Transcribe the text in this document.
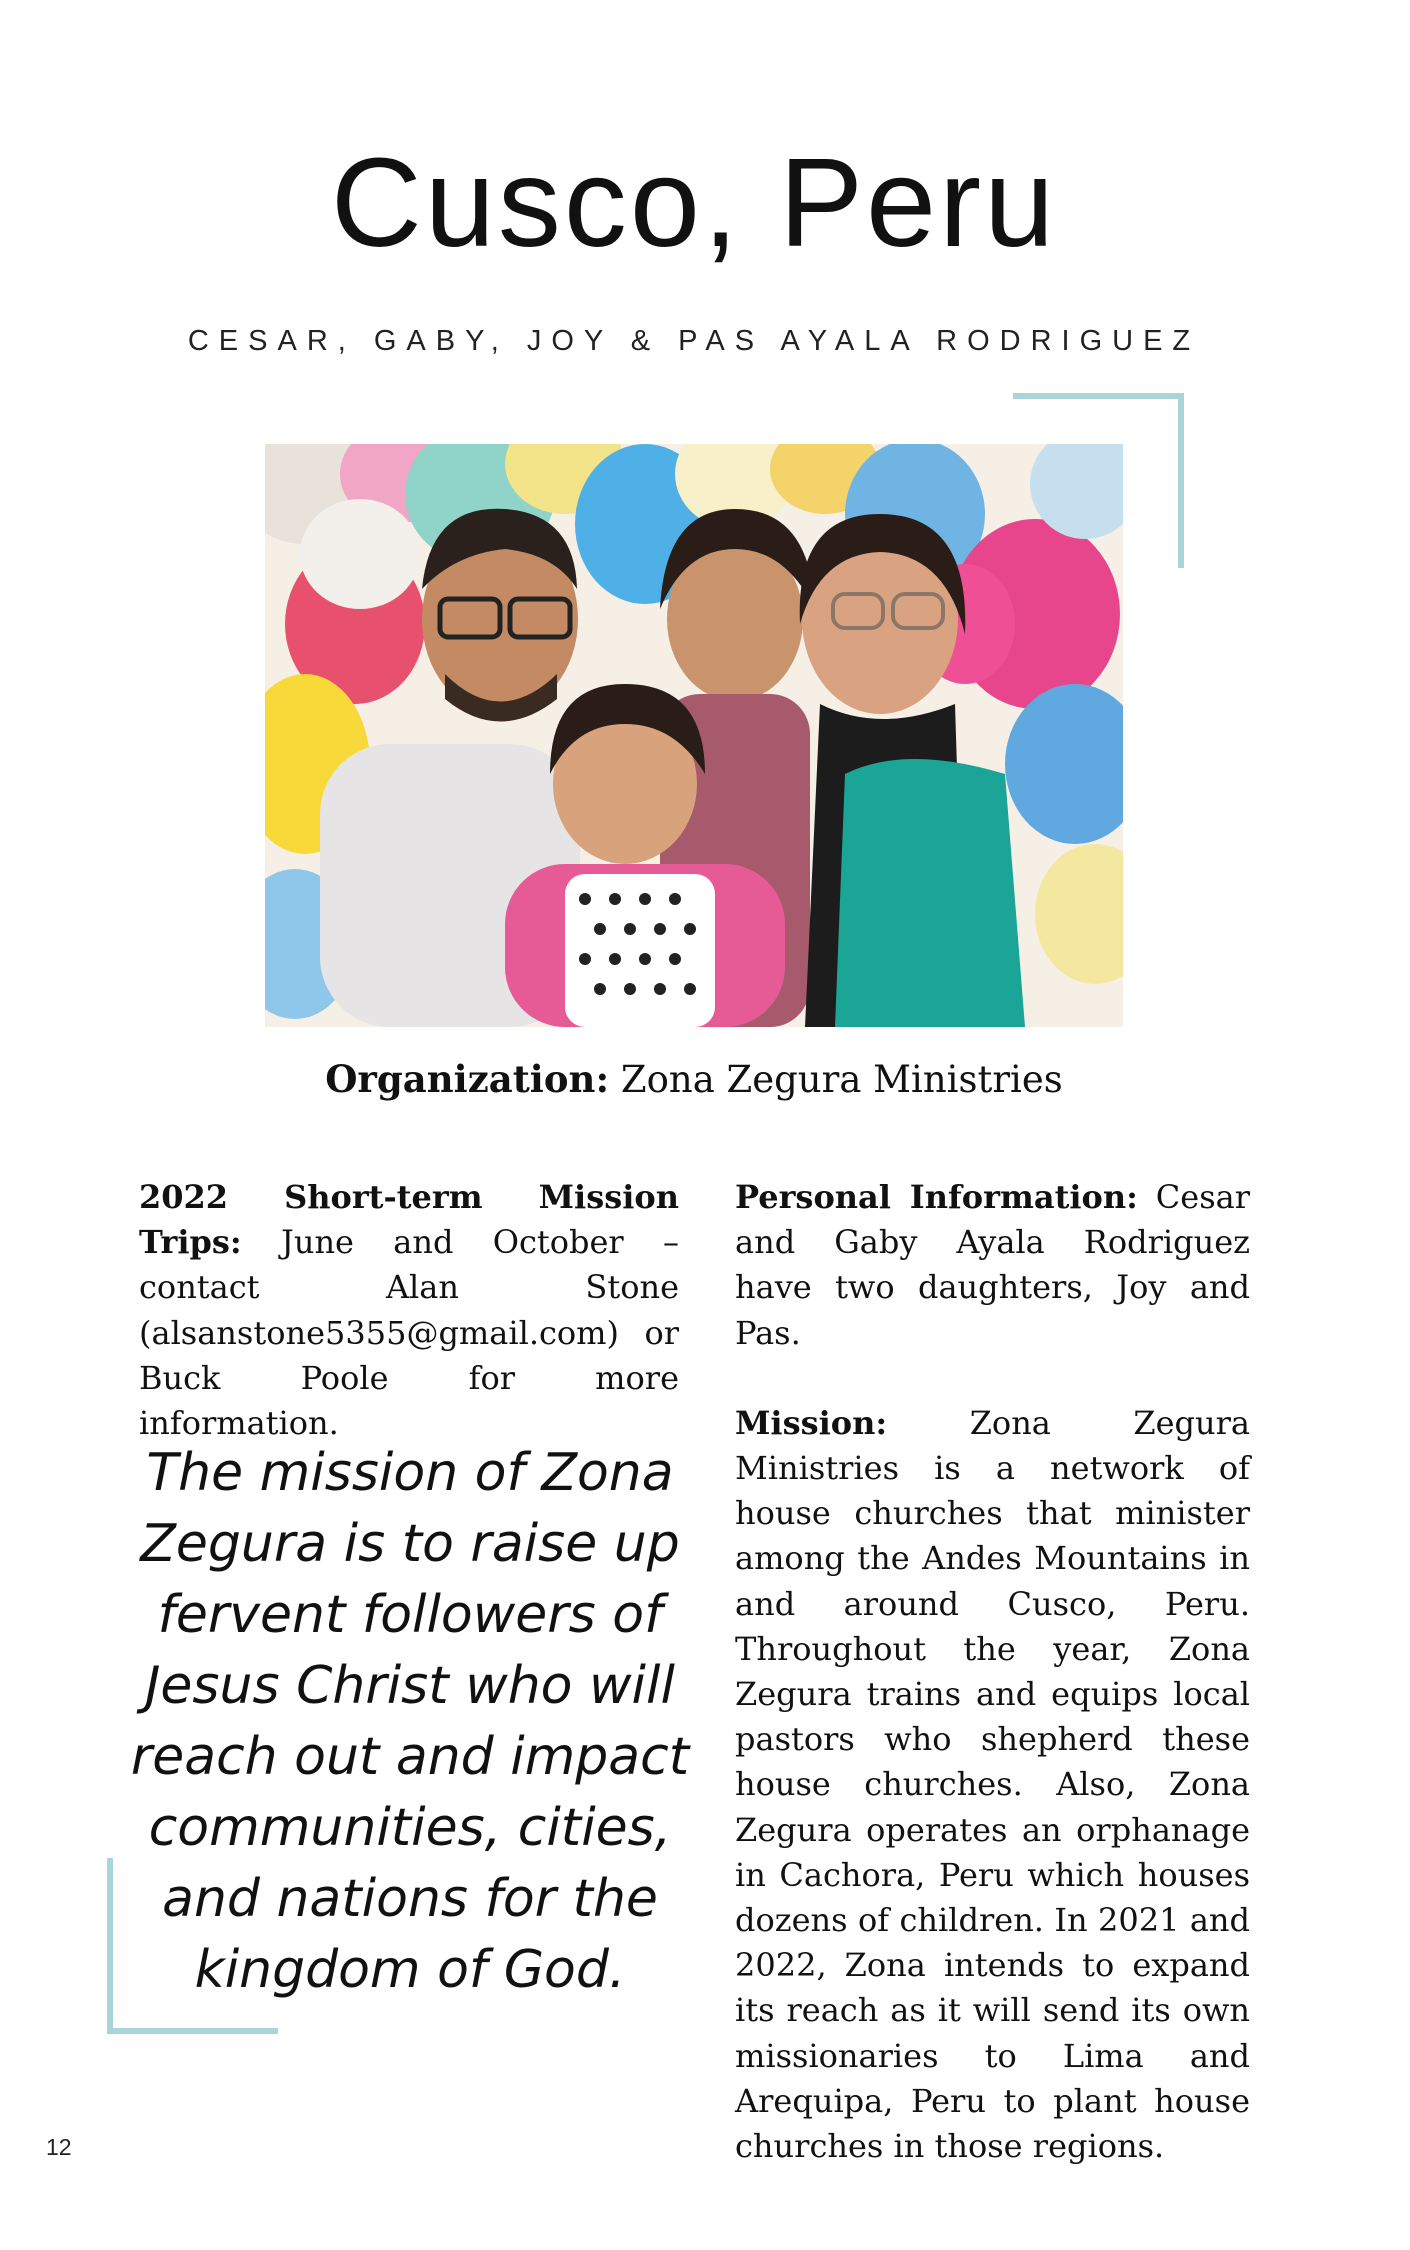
Cusco, Peru
CESAR, GABY, JOY & PAS AYALA RODRIGUEZ
Organization: Zona Zegura Ministries

2022 Short-term Mission Trips: June and October – contact Alan Stone (alsanstone5355@gmail.com) or Buck Poole for more information.

The mission of Zona Zegura is to raise up fervent followers of Jesus Christ who will reach out and impact communities, cities, and nations for the kingdom of God.

Personal Information: Cesar and Gaby Ayala Rodriguez have two daughters, Joy and Pas.

Mission:	Zona Zegura Ministries is a network of house churches that minister among the Andes Mountains in and around Cusco, Peru. Throughout the year, Zona Zegura trains and equips local pastors who shepherd these house churches. Also, Zona Zegura operates an orphanage in Cachora, Peru which houses dozens of children. In 2021 and 2022, Zona intends to expand its reach as it will send its own missionaries to Lima and Arequipa, Peru to plant house churches in those regions.

12
